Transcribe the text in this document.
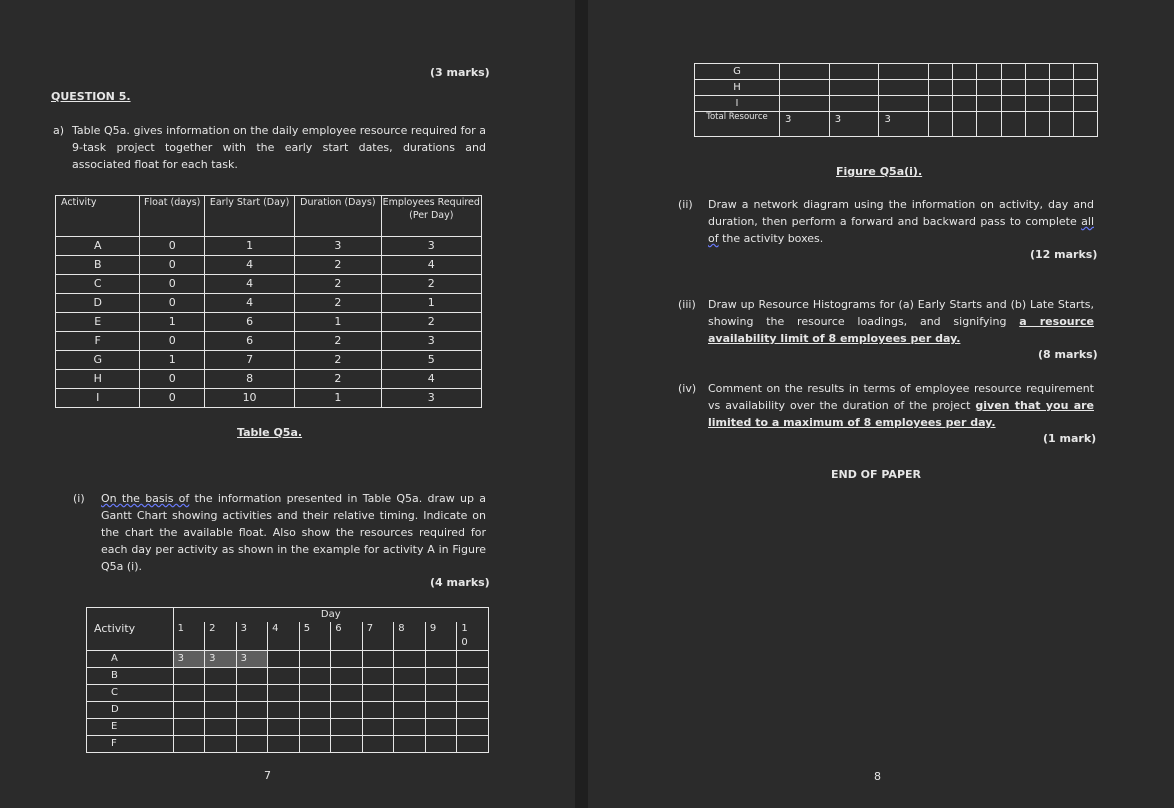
(3 marks)
QUESTION 5.
a) Table Q5a. gives information on the daily employee resource required for a 9-task project together with the early start dates, durations and associated float for each task.
Activity	Float (days)	Early Start (Day)	Duration (Days)	Employees Required (Per Day)
A	0	1	3	3
B	0	4	2	4
C	0	4	2	2
D	0	4	2	1
E	1	6	1	2
F	0	6	2	3
G	1	7	2	5
H	0	8	2	4
I	0	10	1	3
Table Q5a.
(i) On the basis of the information presented in Table Q5a. draw up a Gantt Chart showing activities and their relative timing. Indicate on the chart the available float. Also show the resources required for each day per activity as shown in the example for activity A in Figure Q5a (i).
(4 marks)
Activity	Day									
	1	2	3	4	5	6	7	8	9	1
0
A	3	3	3							
B										
C										
D										
E										
F										
7
G										
H										
I										
Total Resource	3	3	3							
Figure Q5a(i).
(ii) Draw a network diagram using the information on activity, day and duration, then perform a forward and backward pass to complete all of the activity boxes.
(12 marks)
(iii) Draw up Resource Histograms for (a) Early Starts and (b) Late Starts, showing the resource loadings, and signifying a resource availability limit of 8 employees per day.
(8 marks)
(iv) Comment on the results in terms of employee resource requirement vs availability over the duration of the project given that you are limited to a maximum of 8 employees per day.
(1 mark)
END OF PAPER
8
